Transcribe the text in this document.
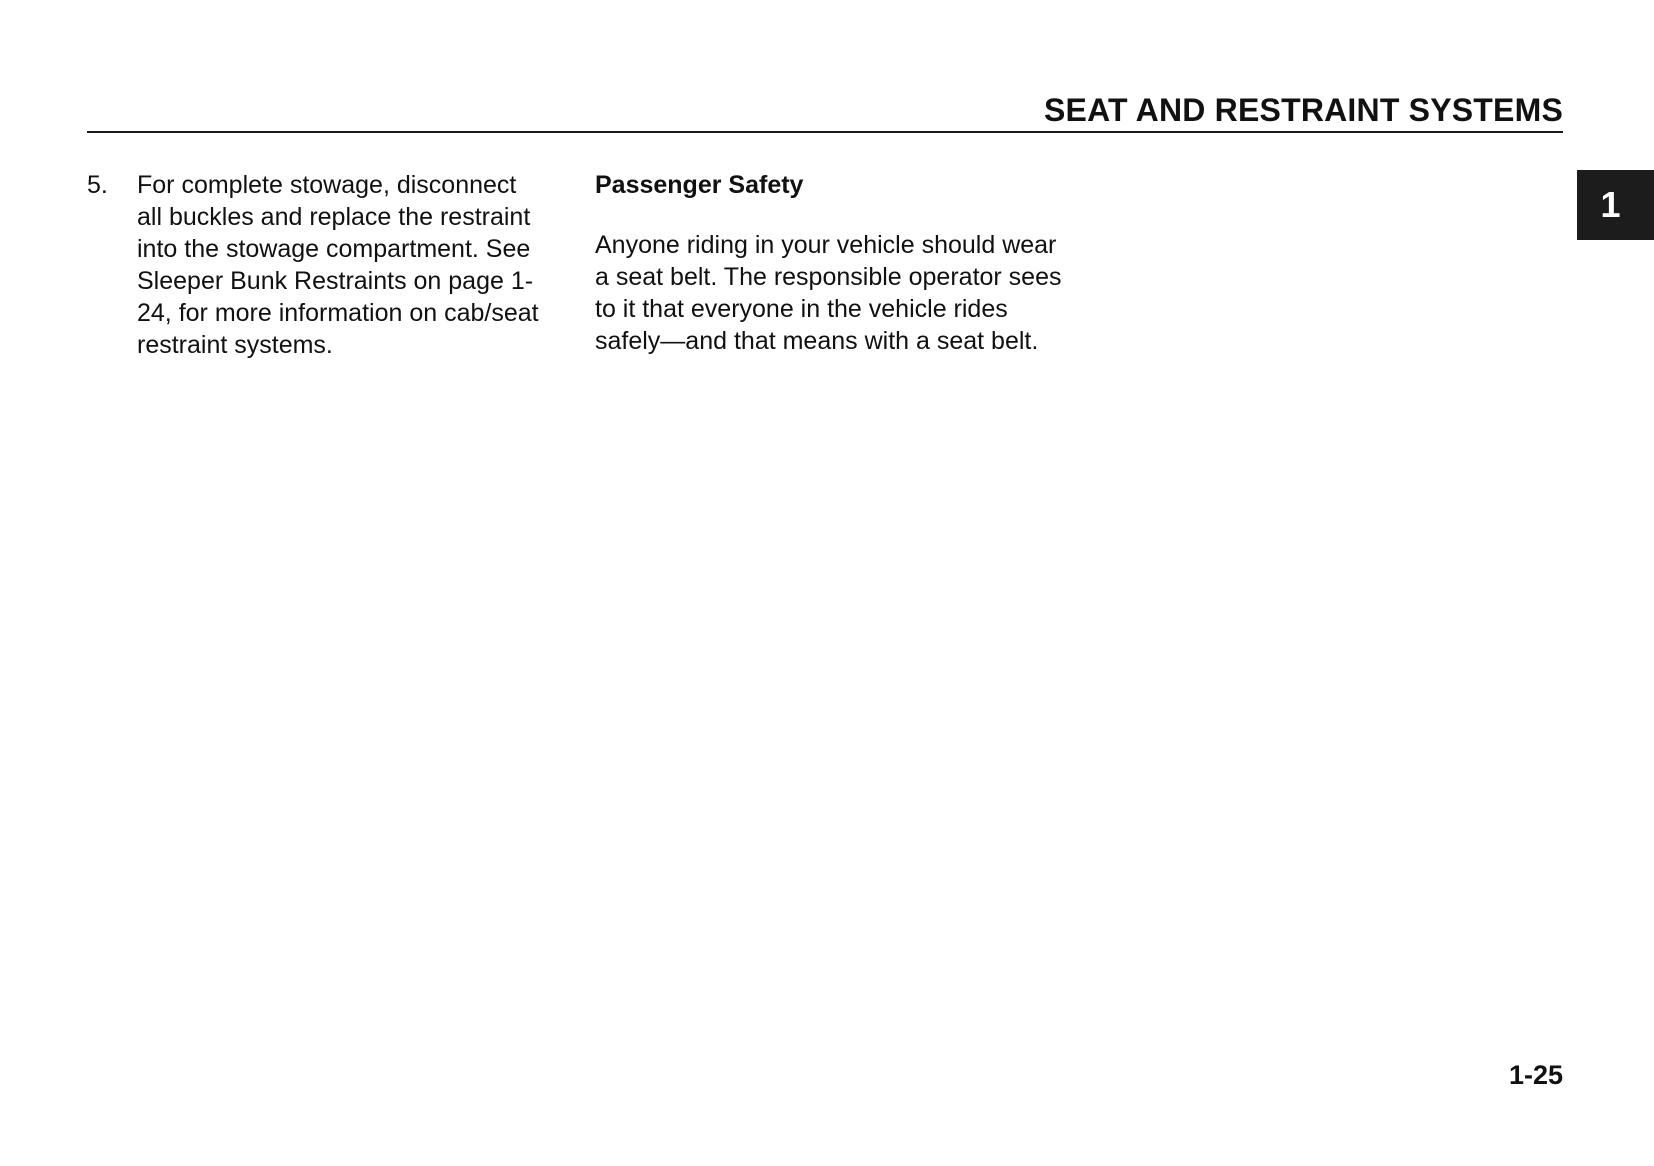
SEAT AND RESTRAINT SYSTEMS
1
5.	For complete stowage, disconnect all buckles and replace the restraint into the stowage compartment. See Sleeper Bunk Restraints on page 1-24, for more information on cab/seat restraint systems.
Passenger Safety

Anyone riding in your vehicle should wear a seat belt. The responsible operator sees to it that everyone in the vehicle rides safely—and that means with a seat belt.

1-25
